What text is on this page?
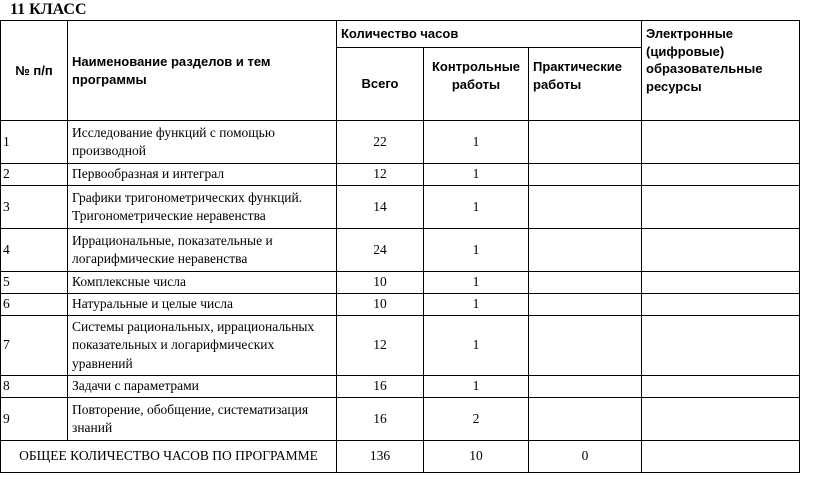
11 КЛАСС
№ п/п	Наименование разделов и тем программы	Количество часов			Электронные (цифровые) образовательные ресурсы
		Всего	Контрольные работы	Практические работы	
1	Исследование функций с помощью производной	22	1		
2	Первообразная и интеграл	12	1		
3	Графики тригонометрических функций. Тригонометрические неравенства	14	1		
4	Иррациональные, показательные и логарифмические неравенства	24	1		
5	Комплексные числа	10	1		
6	Натуральные и целые числа	10	1		
7	Системы рациональных, иррациональных показательных и логарифмических уравнений	12	1		
8	Задачи с параметрами	16	1		
9	Повторение, обобщение, систематизация знаний	16	2		
ОБЩЕЕ КОЛИЧЕСТВО ЧАСОВ ПО ПРОГРАММЕ		136	10	0	
